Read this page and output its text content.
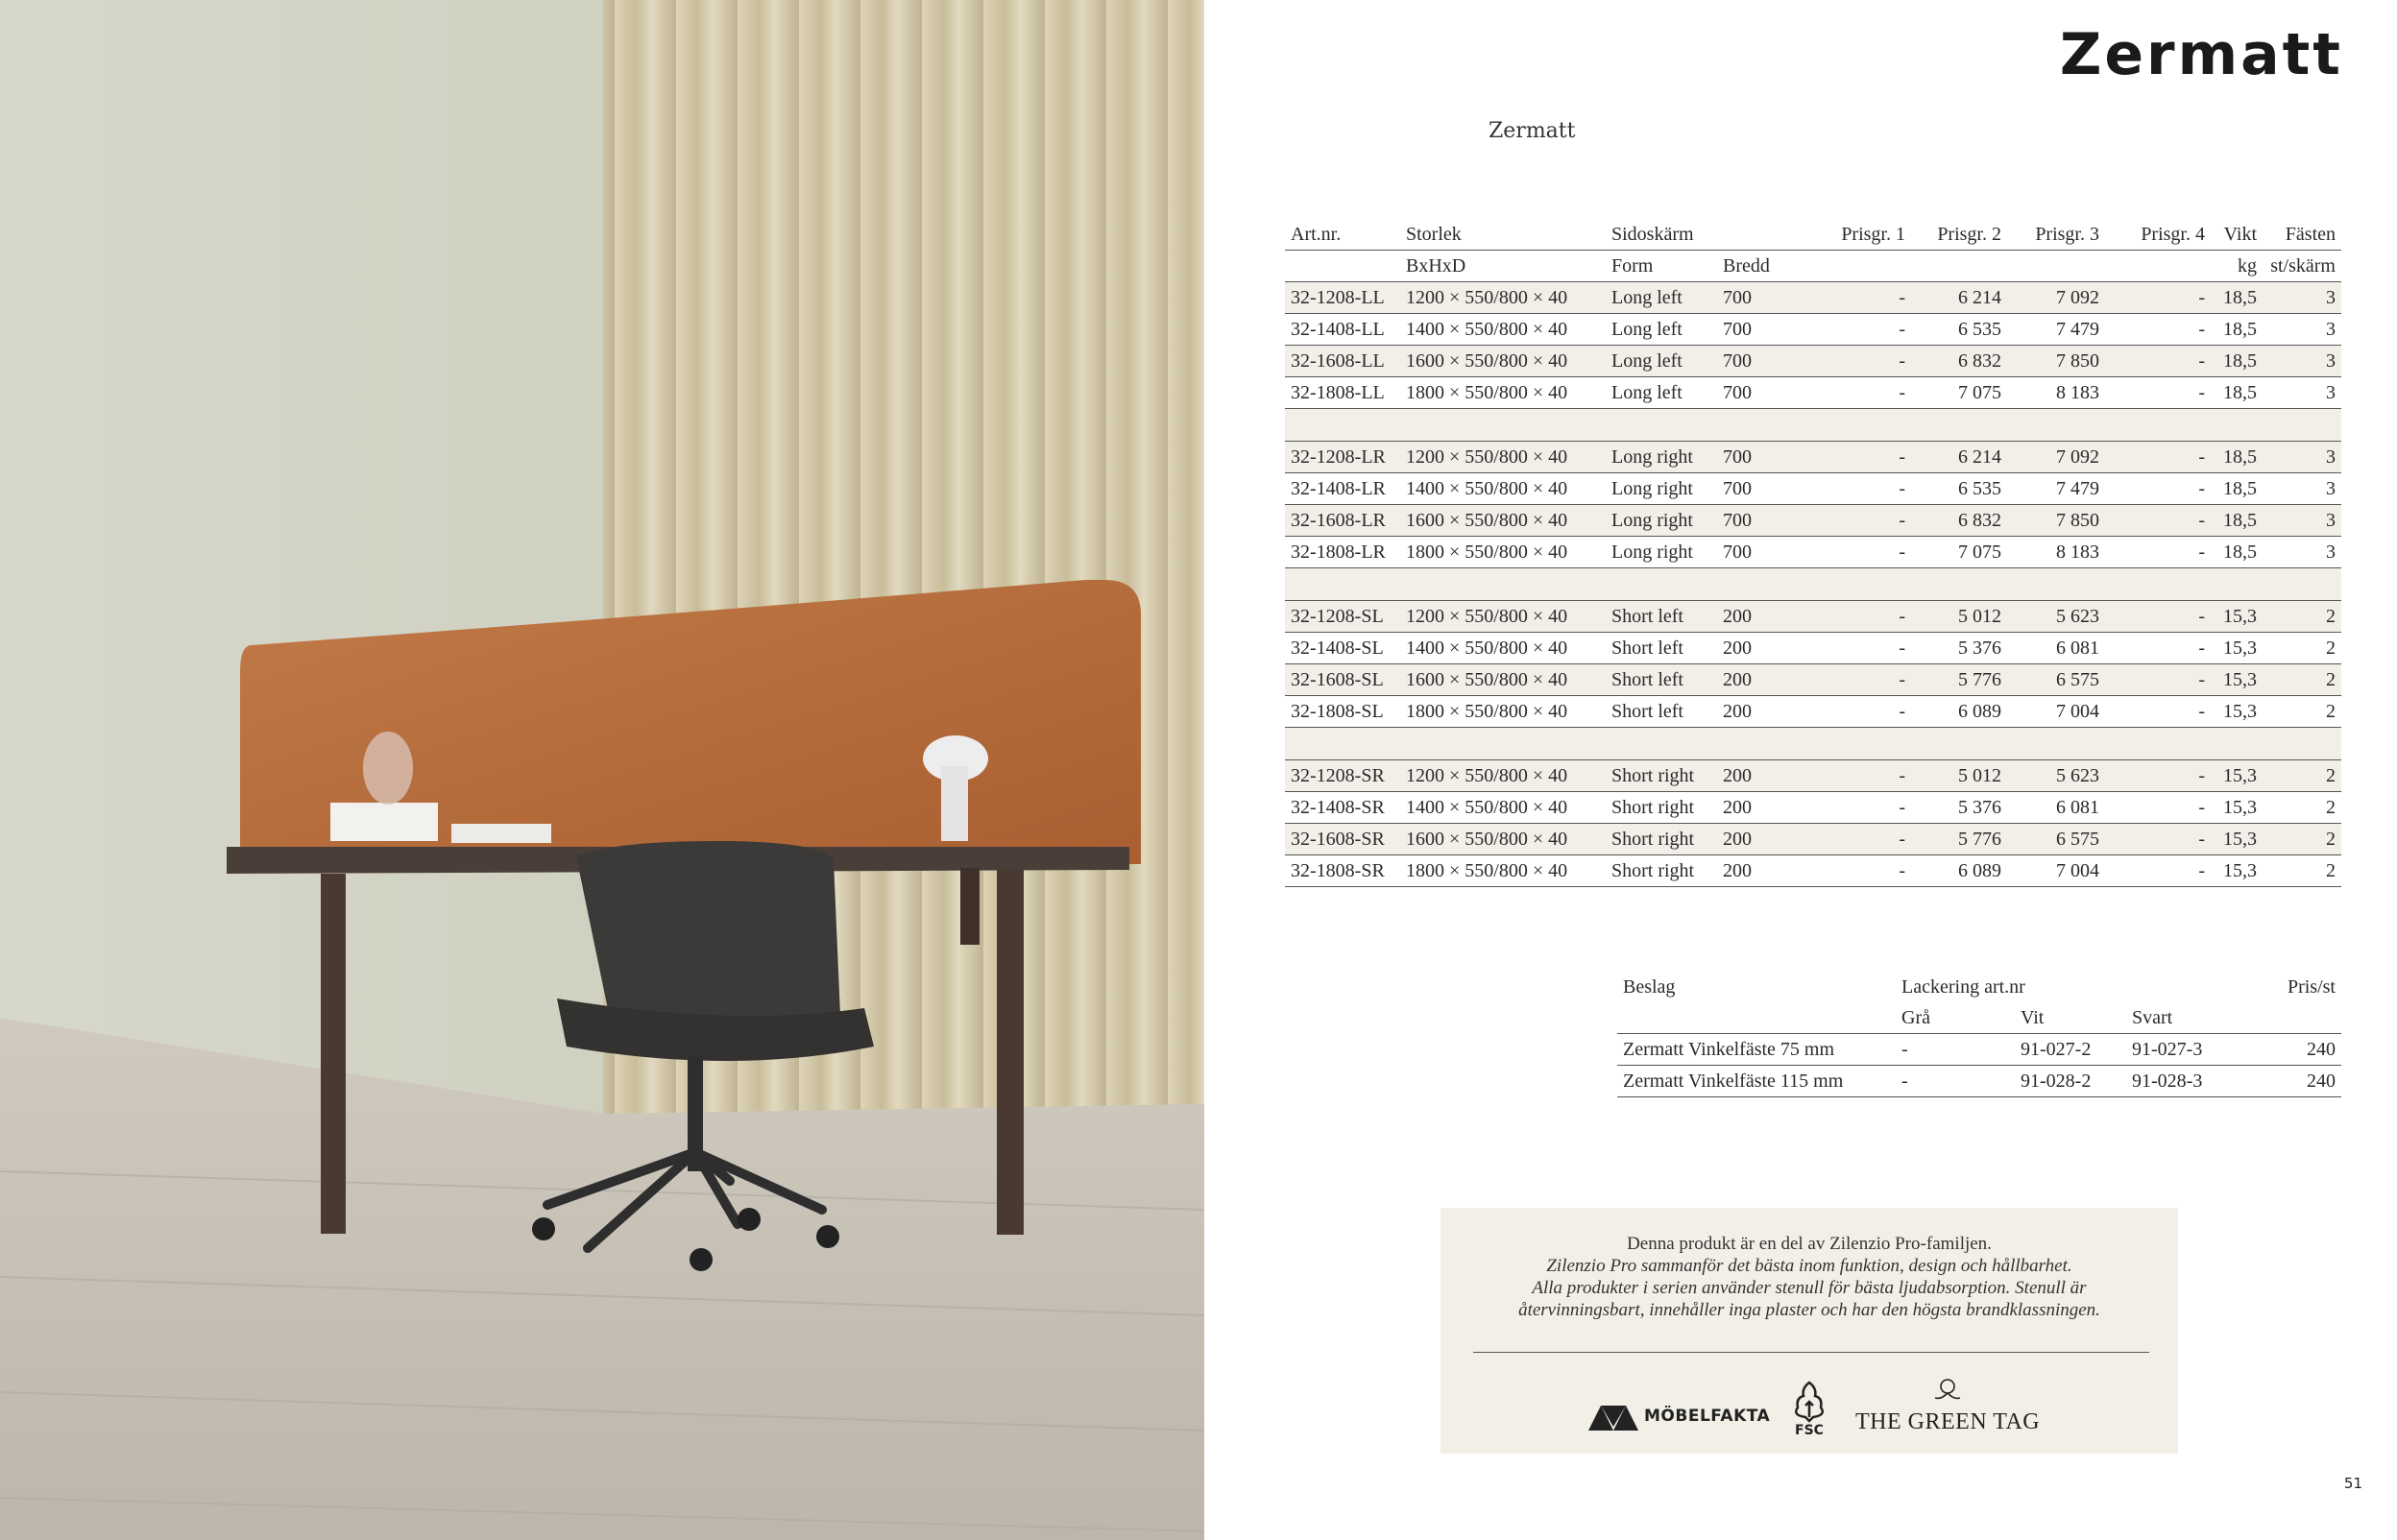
Zermatt
Zermatt
Art.nr.	Storlek	Sidoskärm		Prisgr. 1	Prisgr. 2	Prisgr. 3	Prisgr. 4	Vikt	Fästen
	BxHxD	Form	Bredd					kg	st/skärm
32-1208-LL	1200 × 550/800 × 40	Long left	700	-	6 214	7 092	-	18,5	3
32-1408-LL	1400 × 550/800 × 40	Long left	700	-	6 535	7 479	-	18,5	3
32-1608-LL	1600 × 550/800 × 40	Long left	700	-	6 832	7 850	-	18,5	3
32-1808-LL	1800 × 550/800 × 40	Long left	700	-	7 075	8 183	-	18,5	3

32-1208-LR	1200 × 550/800 × 40	Long right	700	-	6 214	7 092	-	18,5	3
32-1408-LR	1400 × 550/800 × 40	Long right	700	-	6 535	7 479	-	18,5	3
32-1608-LR	1600 × 550/800 × 40	Long right	700	-	6 832	7 850	-	18,5	3
32-1808-LR	1800 × 550/800 × 40	Long right	700	-	7 075	8 183	-	18,5	3

32-1208-SL	1200 × 550/800 × 40	Short left	200	-	5 012	5 623	-	15,3	2
32-1408-SL	1400 × 550/800 × 40	Short left	200	-	5 376	6 081	-	15,3	2
32-1608-SL	1600 × 550/800 × 40	Short left	200	-	5 776	6 575	-	15,3	2
32-1808-SL	1800 × 550/800 × 40	Short left	200	-	6 089	7 004	-	15,3	2

32-1208-SR	1200 × 550/800 × 40	Short right	200	-	5 012	5 623	-	15,3	2
32-1408-SR	1400 × 550/800 × 40	Short right	200	-	5 376	6 081	-	15,3	2
32-1608-SR	1600 × 550/800 × 40	Short right	200	-	5 776	6 575	-	15,3	2
32-1808-SR	1800 × 550/800 × 40	Short right	200	-	6 089	7 004	-	15,3	2
Beslag	Lackering art.nr			Pris/st
	Grå	Vit	Svart	
Zermatt Vinkelfäste 75 mm	-	91-027-2	91-027-3	240
Zermatt Vinkelfäste 115 mm	-	91-028-2	91-028-3	240
Denna produkt är en del av Zilenzio Pro-familjen.
Zilenzio Pro sammanför det bästa inom funktion, design och hållbarhet.
Alla produkter i serien använder stenull för bästa ljudabsorption. Stenull är
återvinningsbart, innehåller inga plaster och har den högsta brandklassningen.
MÖBELFAKTA
FSC	THE GREEN TAG
51
